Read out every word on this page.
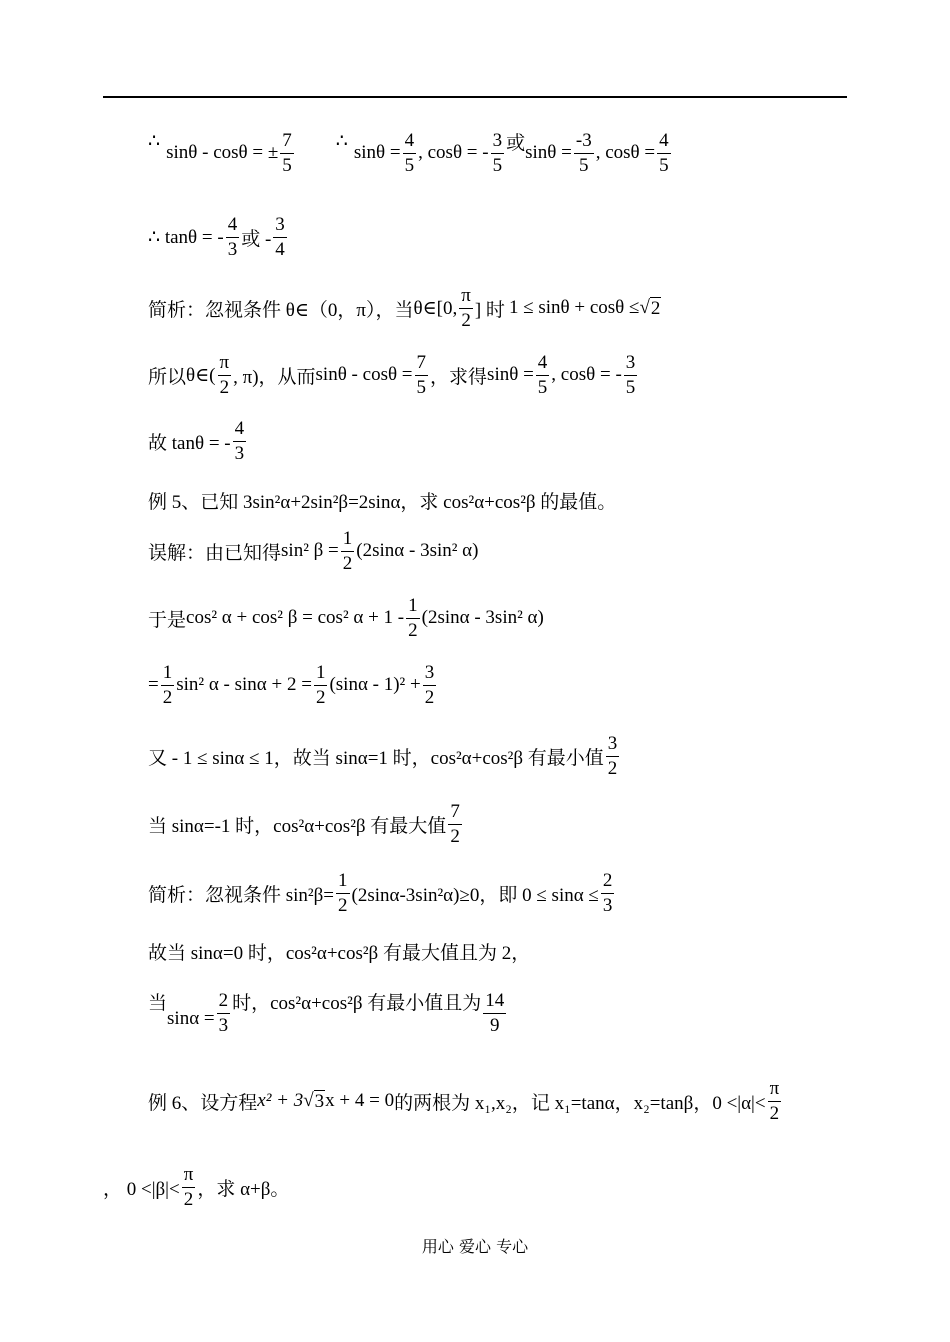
∴
sinθ - cosθ = ± $\frac{7}{5}$ ∴
$\sin\theta = \frac{4}{5}$ , cosθ = - $\frac{3}{5}$ 或 $\sin\theta = \frac{-3}{5}$ , $\cos\theta = \frac{4}{5}$
∴ tanθ = - $\frac{4}{3}$ 或 - $\frac{3}{4}$
简析：忽视条件 θ∈（0，π），当 θ∈[0, $\frac{\pi}{2}$ ] 时 1 ≤ sinθ + cosθ ≤ √ 2
所以 θ∈( $\frac{\pi}{2}$ , π)，从而 $\sin\theta - \cos\theta = \frac{7}{5}$ ，求得 $\sin\theta = \frac{4}{5}$ , cosθ = - $\frac{3}{5}$
故 tanθ = - $\frac{4}{3}$
例 5、已知 3sin²α+2sin²β=2sinα，求 cos²α+cos²β 的最值。
误解：由已知得 sin² $\beta = \frac{1}{2} (2\sin\alpha - 3\sin^2$ α)
于是 cos² α + cos² β = cos² $\alpha + 1 - \frac{1}{2} (2\sin\alpha - 3\sin^2$ α)
= $\frac{1}{2} \sin^2$ $\alpha - \sin\alpha + 2 = \frac{1}{2} (\sin\alpha - 1)^2 + \frac{3}{2}$
又 - 1 ≤ sinα ≤ 1，故当 sinα=1 时，cos²α+cos²β 有最小值 $\frac{3}{2}$
当 sinα=-1 时，cos²α+cos²β 有最大值 $\frac{7}{2}$
简析：忽视条件 $\sin^2\beta= \frac{1}{2} (2\sin\alpha-3\sin^2\alpha)\ge 0$，即 $0 \le \sin\alpha \le \frac{2}{3}$
故当 sinα=0 时，cos²α+cos²β 有最大值且为 2，
当
$\sin\alpha = \frac{2}{3}$ 时，cos²α+cos²β 有最小值且为 $\frac{14}{9}$
例 6、设方程 x² + 3 √ 3 x + 4 = 0 的两根为 x₁,x₂，记 x₁=tanα，x₂=tanβ，$0 <|\alpha|< \frac{\pi}{2}$
， $0 <|\beta|< \frac{\pi}{2}$ ，求 α+β。
用心 爱心 专心
